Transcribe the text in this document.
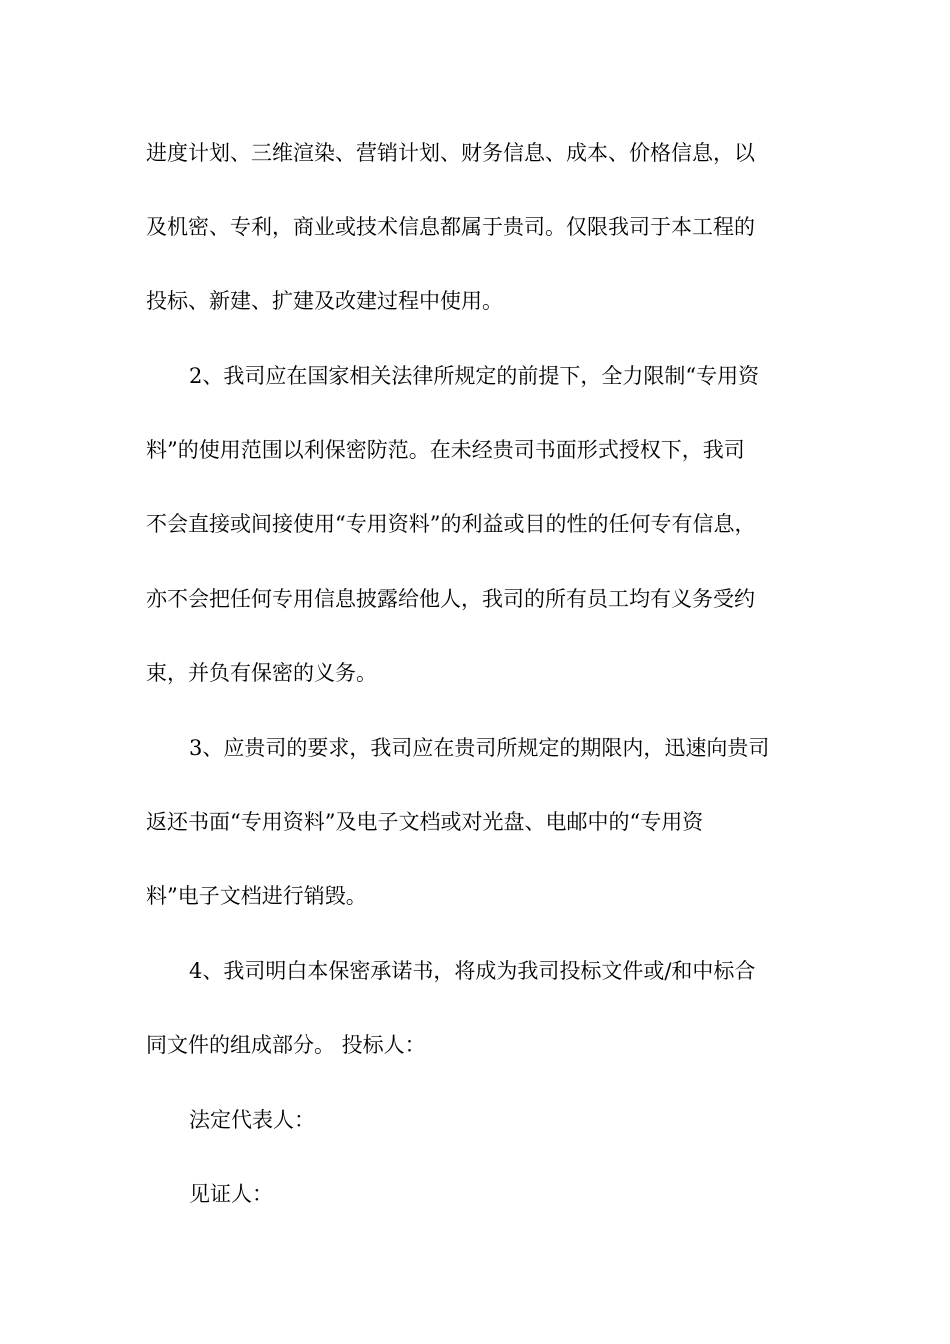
进度计划、三维渲染、营销计划、财务信息、成本、价格信息，以
及机密、专利，商业或技术信息都属于贵司。仅限我司于本工程的
投标、新建、扩建及改建过程中使用。
2、我司应在国家相关法律所规定的前提下，全力限制“专用资
料”的使用范围以利保密防范。在未经贵司书面形式授权下，我司
不会直接或间接使用“专用资料”的利益或目的性的任何专有信息，
亦不会把任何专用信息披露给他人，我司的所有员工均有义务受约
束，并负有保密的义务。
3、应贵司的要求，我司应在贵司所规定的期限内，迅速向贵司
返还书面“专用资料”及电子文档或对光盘、电邮中的“专用资
料”电子文档进行销毁。
4、我司明白本保密承诺书，将成为我司投标文件或/和中标合
同文件的组成部分。 投标人：
法定代表人：
见证人：
